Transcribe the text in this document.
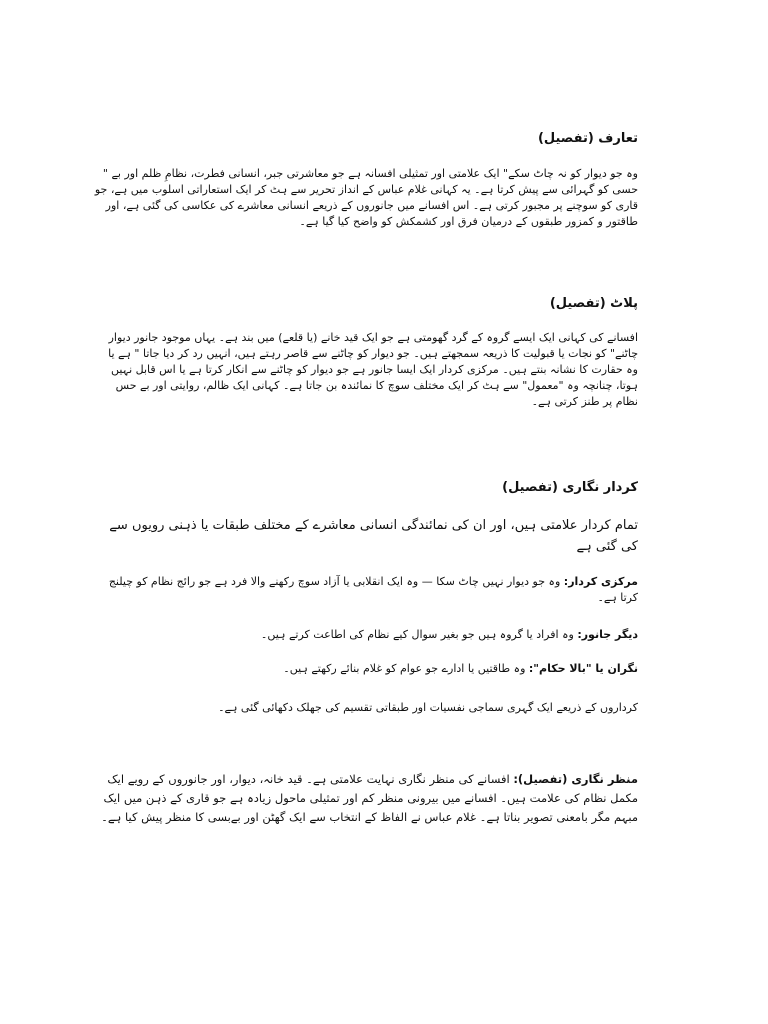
تعارف (تفصیل)
وہ جو دیوار کو نہ چاٹ سکے" ایک علامتی اور تمثیلی افسانہ ہے جو معاشرتی جبر، انسانی فطرت، نظامِ ظلم اور بے " حسی کو گہرائی سے پیش کرتا ہے۔ یہ کہانی غلام عباس کے انداز تحریر سے ہٹ کر ایک استعاراتی اسلوب میں ہے، جو قاری کو سوچنے پر مجبور کرتی ہے۔ اس افسانے میں جانوروں کے ذریعے انسانی معاشرے کی عکاسی کی گئی ہے، اور طاقتور و کمزور طبقوں کے درمیان فرق اور کشمکش کو واضح کیا گیا ہے۔
پلاٹ (تفصیل)
افسانے کی کہانی ایک ایسے گروہ کے گرد گھومتی ہے جو ایک قید خانے (یا قلعے) میں بند ہے۔ یہاں موجود جانور دیوار چاٹنے" کو نجات یا قبولیت کا ذریعہ سمجھتے ہیں۔ جو دیوار کو چاٹنے سے قاصر رہتے ہیں، انہیں رد کر دیا جاتا " ہے یا وہ حقارت کا نشانہ بنتے ہیں۔ مرکزی کردار ایک ایسا جانور ہے جو دیوار کو چاٹنے سے انکار کرتا ہے یا اس قابل نہیں ہوتا، چنانچہ وہ "معمول" سے ہٹ کر ایک مختلف سوچ کا نمائندہ بن جاتا ہے۔ کہانی ایک ظالم، روایتی اور بے حس نظام پر طنز کرتی ہے۔
کردار نگاری (تفصیل)
تمام کردار علامتی ہیں، اور ان کی نمائندگی انسانی معاشرے کے مختلف طبقات یا ذہنی رویوں سے کی گئی ہے
مرکزی کردار: وہ جو دیوار نہیں چاٹ سکا — وہ ایک انقلابی یا آزاد سوچ رکھنے والا فرد ہے جو رائج نظام کو چیلنج کرتا ہے۔
دیگر جانور: وہ افراد یا گروہ ہیں جو بغیر سوال کیے نظام کی اطاعت کرتے ہیں۔
نگران یا "بالا حکام": وہ طاقتیں یا ادارے جو عوام کو غلام بنائے رکھتے ہیں۔
کرداروں کے ذریعے ایک گہری سماجی نفسیات اور طبقاتی تقسیم کی جھلک دکھائی گئی ہے۔
منظر نگاری (تفصیل): افسانے کی منظر نگاری نہایت علامتی ہے۔ قید خانہ، دیوار، اور جانوروں کے رویے ایک مکمل نظام کی علامت ہیں۔ افسانے میں بیرونی منظر کم اور تمثیلی ماحول زیادہ ہے جو قاری کے ذہن میں ایک مبہم مگر بامعنی تصویر بناتا ہے۔ غلام عباس نے الفاظ کے انتخاب سے ایک گھٹن اور بےبسی کا منظر پیش کیا ہے۔
